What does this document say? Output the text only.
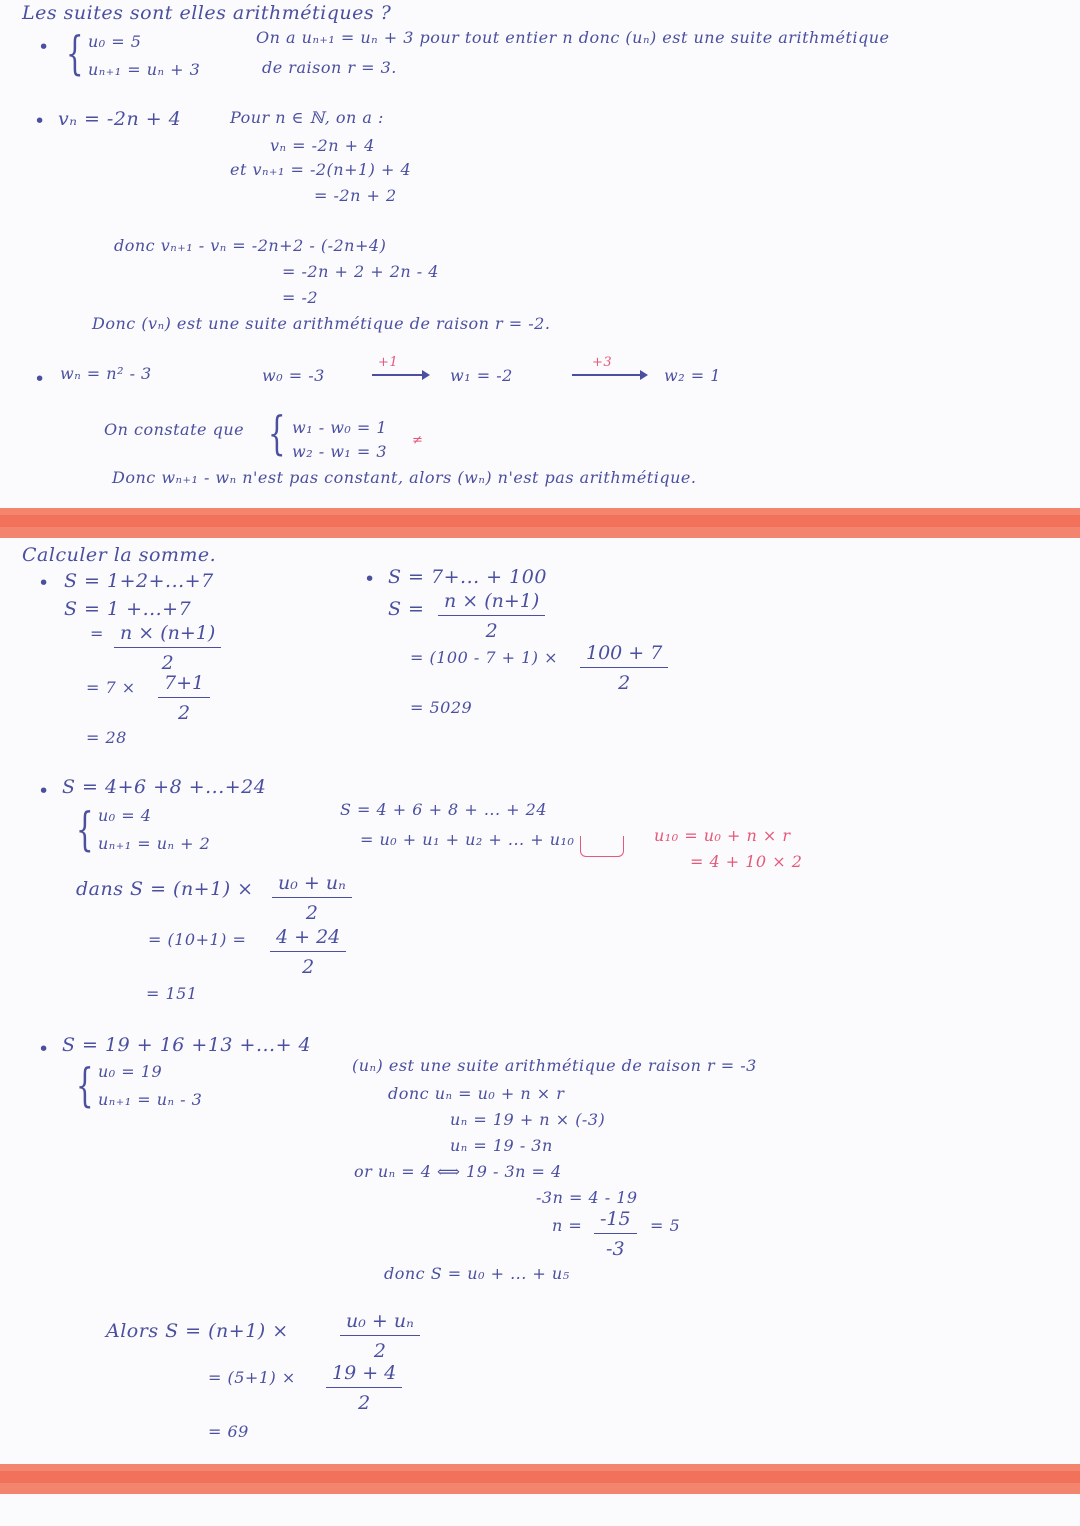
Les suites sont elles arithmétiques ?
• { u₀ = 5
uₙ₊₁ = uₙ + 3
On a uₙ₊₁ = uₙ + 3 pour tout entier n donc (uₙ) est une suite arithmétique
de raison r = 3.
• vₙ = -2n + 4	Pour n ∈ ℕ, on a :
vₙ = -2n + 4
et vₙ₊₁ = -2(n+1) + 4
= -2n + 2
donc vₙ₊₁ - vₙ = -2n+2 - (-2n+4)
= -2n + 2 + 2n - 4
= -2
Donc (vₙ) est une suite arithmétique de raison r = -2.
• wₙ = n² - 3	w₀ = -3
+1
w₁ = -2
+3
w₂ = 1
On constate que { w₁ - w₀ = 1
w₂ - w₁ = 3
≠
Donc wₙ₊₁ - wₙ n'est pas constant, alors (wₙ) n'est pas arithmétique.
Calculer la somme.
• S = 1+2+...+7
S = 1 +...+7
= $\frac{n \times (n+1)}{2}$
= $7 \times \frac{7+1}{2}$
= 28
• S = 7+... + 100
$S = \frac{n \times (n+1)}{2}$
= $(100 - 7 + 1) \times \frac{100 + 7}{2}$
= 5029
• S = 4+6 +8 +...+24
{ u₀ = 4
uₙ₊₁ = uₙ + 2
S = 4 + 6 + 8 + ... + 24
= u₀ + u₁ + u₂ + ... + u₁₀	u₁₀ = u₀ + n × r
= 4 + 10 × 2
dans $S = (n+1) \times \frac{\text{u₀ + uₙ}}{2}$
= $(10+1) = \frac{4 + 24}{2}$
= 151
• S = 19 + 16 +13 +...+ 4
{ u₀ = 19
uₙ₊₁ = uₙ - 3
(uₙ) est une suite arithmétique de raison r = -3
donc uₙ = u₀ + n × r
uₙ = 19 + n × (-3)
uₙ = 19 - 3n
or uₙ = 4 ⟺ 19 - 3n = 4
-3n = 4 - 19
$n = \frac{-15}{-3} = 5$
donc S = u₀ + ... + u₅
Alors S = (n+1) ×	$\frac{\text{u₀ + uₙ}}{2}$
= $(5+1) \times \frac{19 + 4}{2}$
= 69
